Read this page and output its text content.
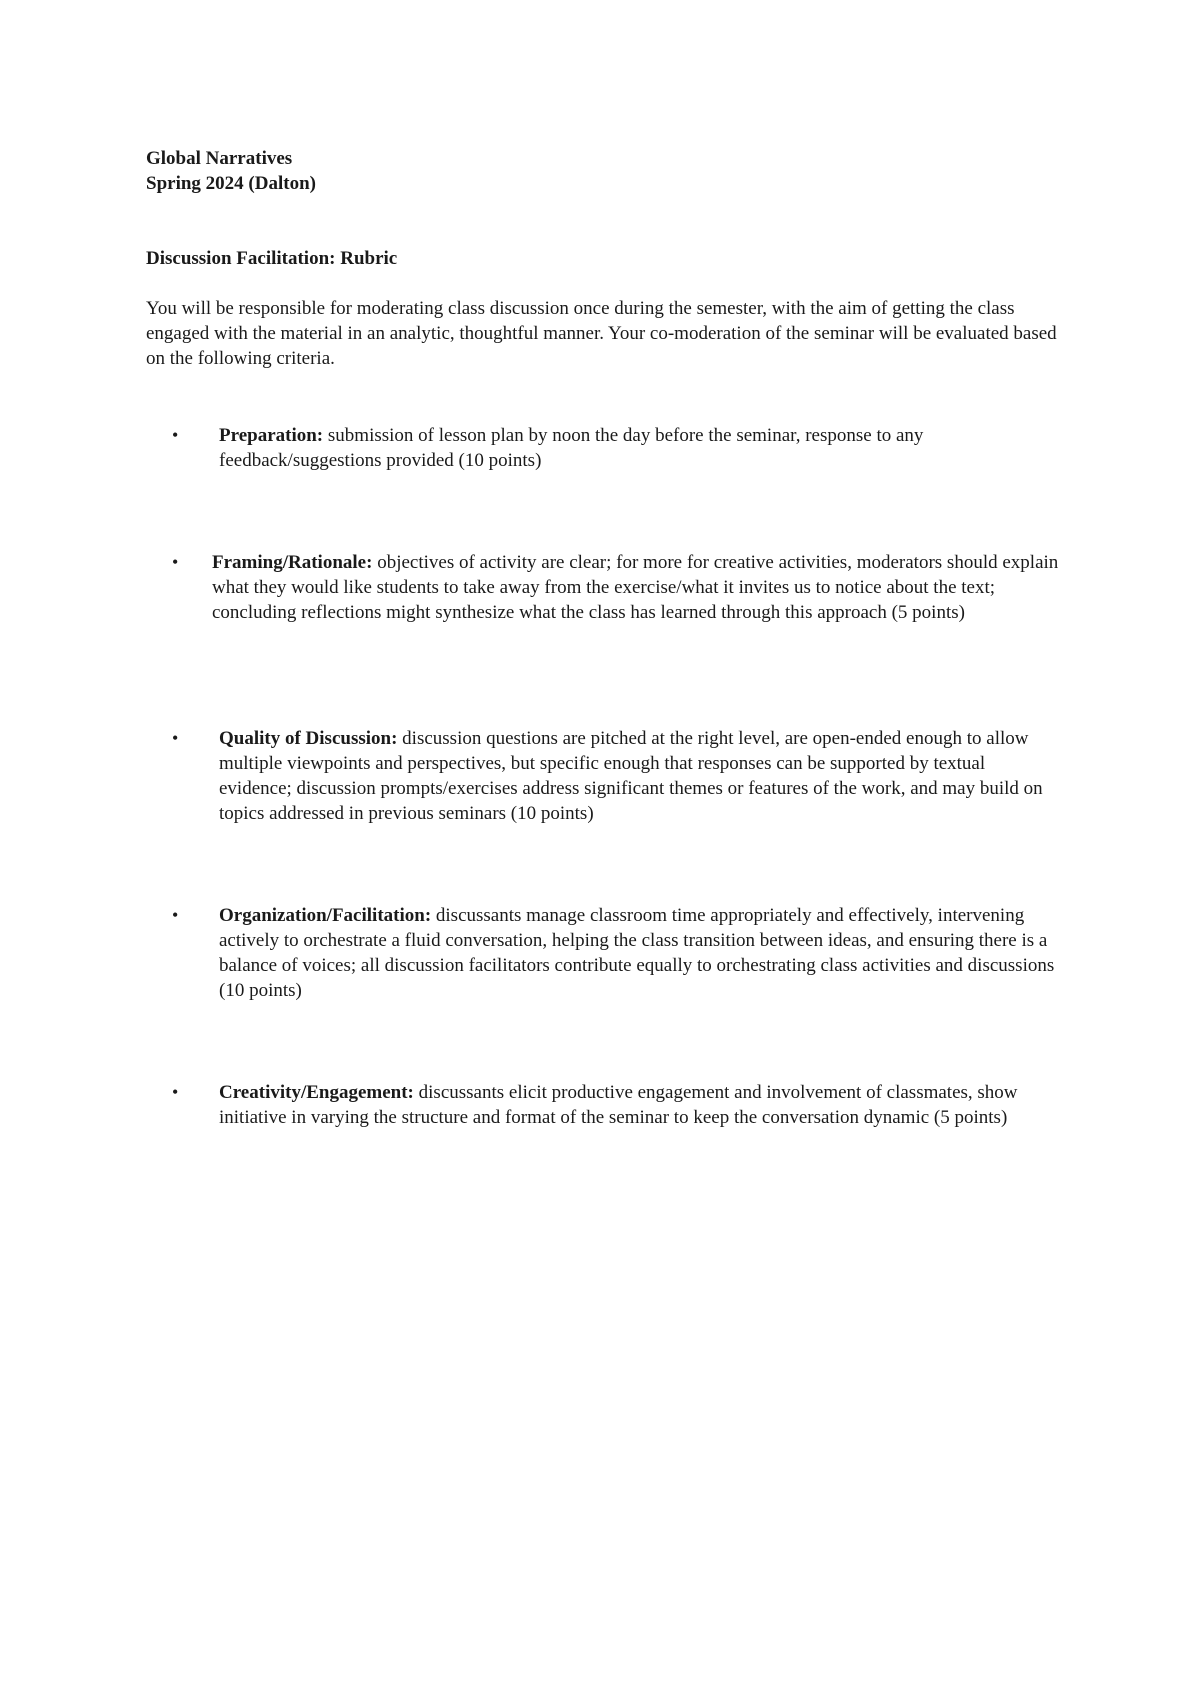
Global Narratives
Spring 2024 (Dalton)
Discussion Facilitation: Rubric

You will be responsible for moderating class discussion once during the semester, with the aim of getting the class engaged with the material in an analytic, thoughtful manner. Your co-moderation of the seminar will be evaluated based on the following criteria.

• Preparation: submission of lesson plan by noon the day before the seminar, response to any feedback/suggestions provided (10 points)
• Framing/Rationale: objectives of activity are clear; for more for creative activities, moderators should explain what they would like students to take away from the exercise/what it invites us to notice about the text; concluding reflections might synthesize what the class has learned through this approach (5 points)
• Quality of Discussion: discussion questions are pitched at the right level, are open-ended enough to allow multiple viewpoints and perspectives, but specific enough that responses can be supported by textual evidence; discussion prompts/exercises address significant themes or features of the work, and may build on topics addressed in previous seminars (10 points)
• Organization/Facilitation: discussants manage classroom time appropriately and effectively, intervening actively to orchestrate a fluid conversation, helping the class transition between ideas, and ensuring there is a balance of voices; all discussion facilitators contribute equally to orchestrating class activities and discussions (10 points)
• Creativity/Engagement: discussants elicit productive engagement and involvement of classmates, show initiative in varying the structure and format of the seminar to keep the conversation dynamic (5 points)
